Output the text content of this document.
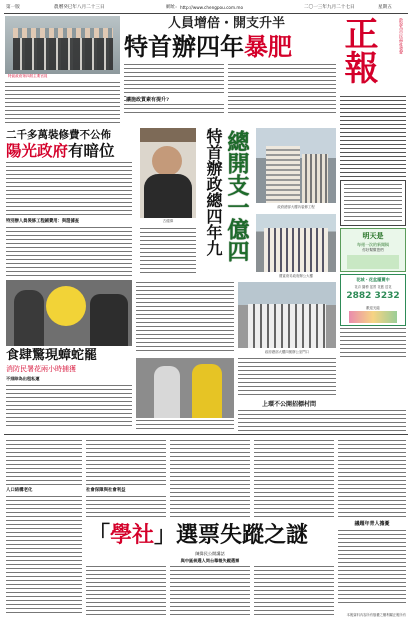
第一版	農曆癸巳年八月二十三日	網址: http://www.chengpou.com.mo	二〇一三年九月二十七日	星期五
特區政府第四屆主要官員
人員增倍・開支升半
特首辦四年暴肥	正報	敢說為市民福祉發聲
讓施政質素有提升?
二千多萬裝修費不公佈
陽光政府有暗位
特別辦人員裝修工程鋪費用：與證據查	古健偉
特首辦政總四年九
總開支一億四
政府總部大樓內裝修工程
禮賓府另政府辦公大樓
明天是
每週一次的新聞稿
你好幫幫您們
花城・花盆擺賣中
花卉 園藝 盆景 花籃 送花
2882 3232
歡迎光臨
政府總部大樓四號辦公室門口
食肆驚現蟑蛇罷
消防民署花兩小時捕獲
不排除為出租私運
上環不公開招標村問
人口結構老化	社會保障與社會利益
「學社」選票失蹤之謎
陳偉民公開講話
與中區候選人同台舉報失蹤選票
議題年青人擔憂
本報資料內容所有版權之權利屬正報所有
